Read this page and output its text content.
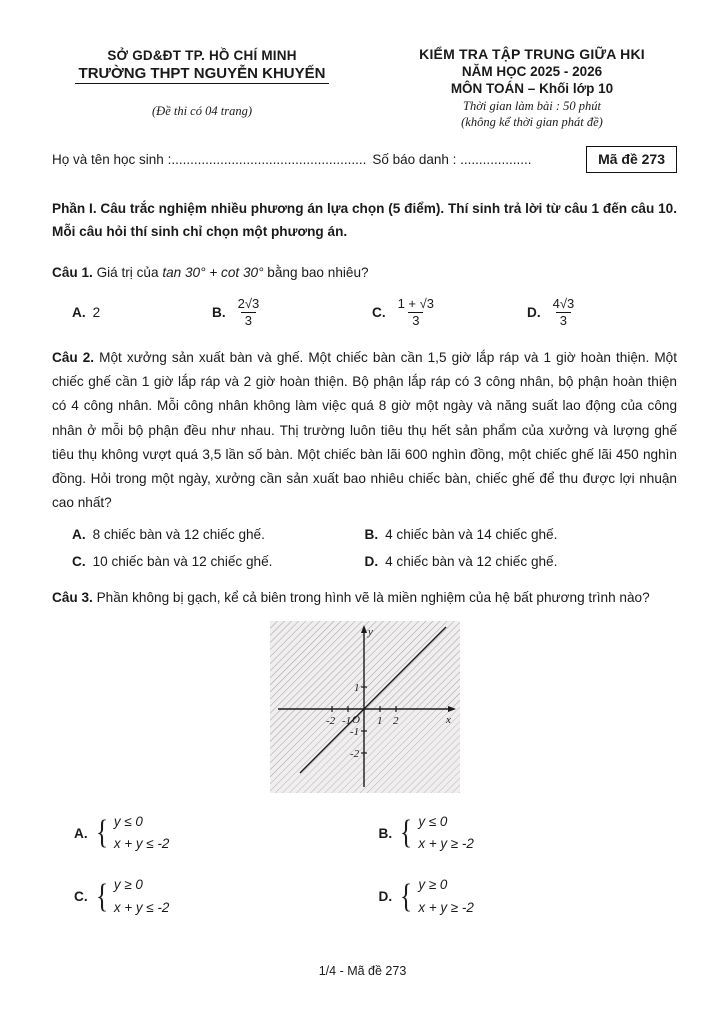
SỞ GD&ĐT TP. HỒ CHÍ MINH
TRƯỜNG THPT NGUYỄN KHUYẾN
(Đề thi có 04 trang)
KIỂM TRA TẬP TRUNG GIỮA HKI
NĂM HỌC 2025 - 2026
MÔN TOÁN – Khối lớp 10
Thời gian làm bài : 50 phút
(không kể thời gian phát đề)
Họ và tên học sinh :.................................................... Số báo danh : ...................	Mã đề 273
Phần I. Câu trắc nghiệm nhiều phương án lựa chọn (5 điểm). Thí sinh trả lời từ câu 1 đến câu 10. Mỗi câu hỏi thí sinh chỉ chọn một phương án.
Câu 1. Giá trị của tan 30° + cot 30° bằng bao nhiêu?
A. 2	B. $\frac{2√3}{3}$	C. $\frac{1 + √3}{3}$	D. $\frac{4√3}{3}$
Câu 2. Một xưởng sản xuất bàn và ghế. Một chiếc bàn cần 1,5 giờ lắp ráp và 1 giờ hoàn thiện. Một chiếc ghế cần 1 giờ lắp ráp và 2 giờ hoàn thiện. Bộ phận lắp ráp có 3 công nhân, bộ phận hoàn thiện có 4 công nhân. Mỗi công nhân không làm việc quá 8 giờ một ngày và năng suất lao động của công nhân ở mỗi bộ phận đều như nhau. Thị trường luôn tiêu thụ hết sản phẩm của xưởng và lượng ghế tiêu thụ không vượt quá 3,5 lần số bàn. Một chiếc bàn lãi 600 nghìn đồng, một chiếc ghế lãi 450 nghìn đồng. Hỏi trong một ngày, xưởng cần sản xuất bao nhiêu chiếc bàn, chiếc ghế để thu được lợi nhuận cao nhất?
A. 8 chiếc bàn và 12 chiếc ghế.	B. 4 chiếc bàn và 14 chiếc ghế.
C. 10 chiếc bàn và 12 chiếc ghế.	D. 4 chiếc bàn và 12 chiếc ghế.
Câu 3. Phần không bị gạch, kể cả biên trong hình vẽ là miền nghiệm của hệ bất phương trình nào?
-2 -1 1 2
O
1
-1
-2
y
x
A. { y ≤ 0
x + y ≤ -2
B. { y ≤ 0
x + y ≥ -2
C. { y ≥ 0
x + y ≤ -2
D. { y ≥ 0
x + y ≥ -2
1/4 - Mã đề 273
